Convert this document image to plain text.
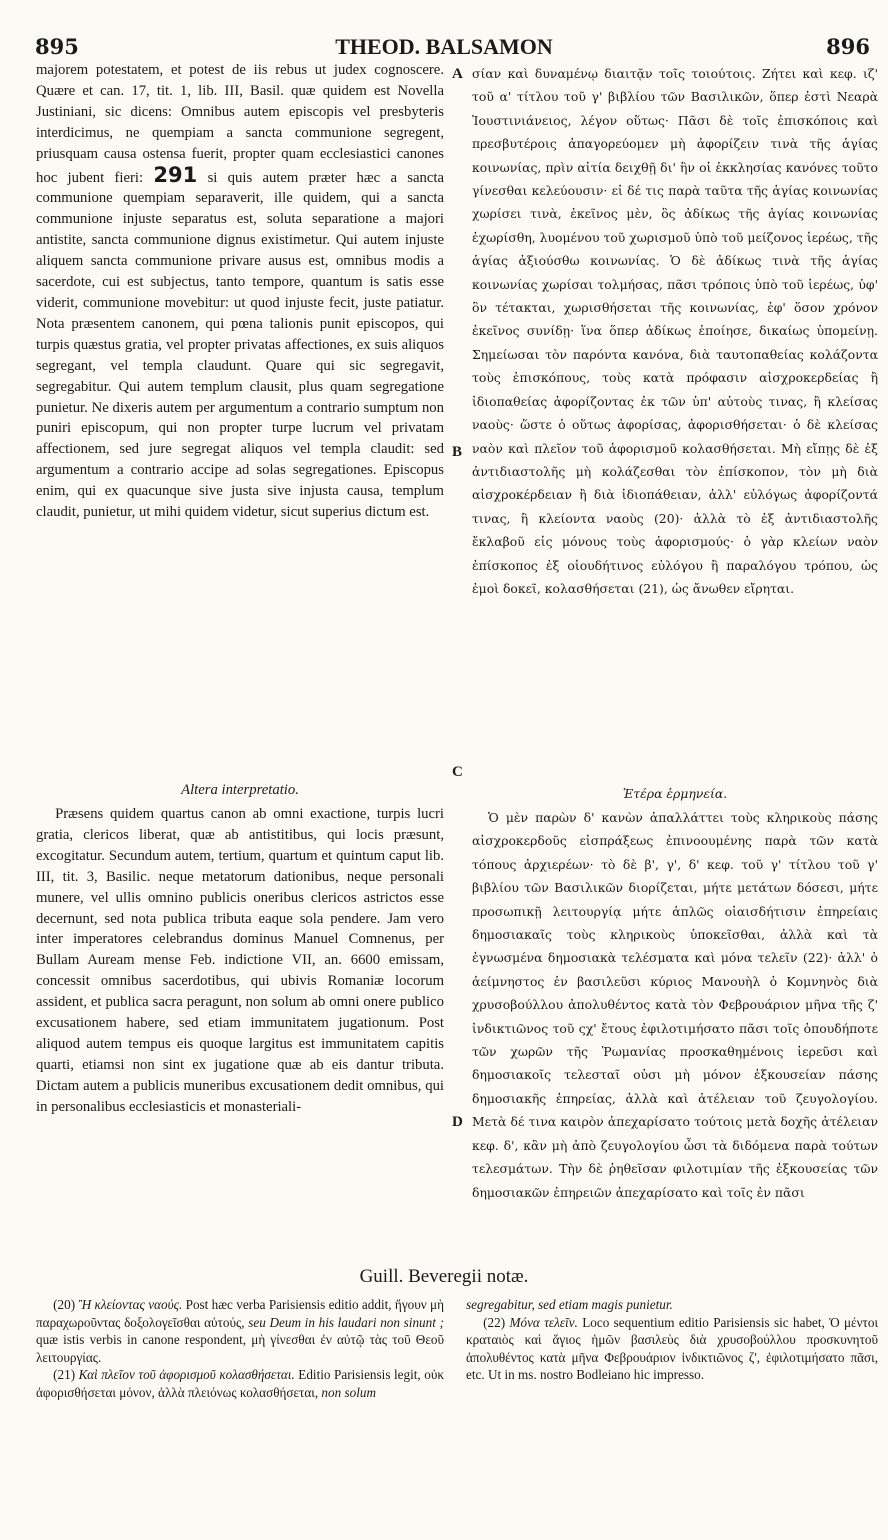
895	THEOD. BALSAMON	896

majorem potestatem, et potest de iis rebus ut judex cognoscere. Quære et can. 17, tit. 1, lib. III, Basil. quæ quidem est Novella Justiniani, sic dicens: Omnibus autem episcopis vel presbyteris interdicimus, ne quempiam a sancta communione segregent, priusquam causa ostensa fuerit, propter quam ecclesiastici canones hoc jubent fieri: 291 si quis autem præter hæc a sancta communione quempiam separaverit, ille quidem, qui a sancta communione injuste separatus est, soluta separatione a majori antistite, sancta communione dignus existimetur. Qui autem injuste aliquem sancta communione privare ausus est, omnibus modis a sacerdote, cui est subjectus, tanto tempore, quantum is satis esse viderit, communione movebitur: ut quod injuste fecit, juste patiatur. Nota præsentem canonem, qui pœna talionis punit episcopos, qui turpis quæstus gratia, vel propter privatas affectiones, ex suis aliquos segregant, vel templa claudunt. Quare qui sic segregavit, segregabitur. Qui autem templum clausit, plus quam segregatione punietur. Ne dixeris autem per argumentum a contrario sumptum non puniri episcopum, qui non propter turpe lucrum vel privatam affectionem, sed jure segregat aliquos vel templa claudit: sed argumentum a contrario accipe ad solas segregationes. Episcopus enim, qui ex quacunque sive justa sive injusta causa, templum claudit, punietur, ut mihi quidem videtur, sicut superius dictum est.

Altera interpretatio.

Præsens quidem quartus canon ab omni exactione, turpis lucri gratia, clericos liberat, quæ ab antistitibus, qui locis præsunt, excogitatur. Secundum autem, tertium, quartum et quintum caput lib. III, tit. 3, Basilic. neque metatorum dationibus, neque personali munere, vel ullis omnino publicis oneribus clericos astrictos esse decernunt, sed nota publica tributa eaque sola pendere. Jam vero inter imperatores celebrandus dominus Manuel Comnenus, per Bullam Auream mense Feb. indictione VII, an. 6600 emissam, concessit omnibus sacerdotibus, qui ubivis Romaniæ locorum assident, et publica sacra peragunt, non solum ab omni onere publico excusationem habere, sed etiam immunitatem jugationum. Post aliquod autem tempus eis quoque largitus est immunitatem capitis quarti, etiamsi non sint ex jugatione quæ ab eis dantur tributa. Dictam autem a publicis muneribus excusationem dedit omnibus, qui in personalibus ecclesiasticis et monasteriali-

A
B
C
D

σίαν καὶ δυναμένῳ διαιτᾷν τοῖς τοιούτοις. Ζήτει καὶ κεφ. ιζ' τοῦ α' τίτλου τοῦ γ' βιβλίου τῶν Βασιλικῶν, ὅπερ ἐστὶ Νεαρὰ Ἰουστινιάνειος, λέγον οὕτως· Πᾶσι δὲ τοῖς ἐπισκόποις καὶ πρεσβυτέροις ἀπαγορεύομεν μὴ ἀφορίζειν τινὰ τῆς ἁγίας κοινωνίας, πρὶν αἰτία δειχθῇ δι' ἣν οἱ ἐκκλησίας κανόνες τοῦτο γίνεσθαι κελεύουσιν· εἰ δέ τις παρὰ ταῦτα τῆς ἁγίας κοινωνίας χωρίσει τινὰ, ἐκεῖνος μὲν, ὃς ἀδίκως τῆς ἁγίας κοινωνίας ἐχωρίσθη, λυομένου τοῦ χωρισμοῦ ὑπὸ τοῦ μείζονος ἱερέως, τῆς ἁγίας ἀξιούσθω κοινωνίας. Ὁ δὲ ἀδίκως τινὰ τῆς ἁγίας κοινωνίας χωρίσαι τολμήσας, πᾶσι τρόποις ὑπὸ τοῦ ἱερέως, ὑφ' ὃν τέτακται, χωρισθήσεται τῆς κοινωνίας, ἐφ' ὅσον χρόνον ἐκεῖνος συνίδῃ· ἵνα ὅπερ ἀδίκως ἐποίησε, δικαίως ὑπομείνῃ. Σημείωσαι τὸν παρόντα κανόνα, διὰ ταυτοπαθείας κολάζοντα τοὺς ἐπισκόπους, τοὺς κατὰ πρόφασιν αἰσχροκερδείας ἢ ἰδιοπαθείας ἀφορίζοντας ἐκ τῶν ὑπ' αὐτοὺς τινας, ἢ κλείσας ναοὺς· ὥστε ὁ οὕτως ἀφορίσας, ἀφορισθήσεται· ὁ δὲ κλείσας ναὸν καὶ πλεῖον τοῦ ἀφορισμοῦ κολασθήσεται. Μὴ εἴπῃς δὲ ἐξ ἀντιδιαστολῆς μὴ κολάζεσθαι τὸν ἐπίσκοπον, τὸν μὴ διὰ αἰσχροκέρδειαν ἢ διὰ ἰδιοπάθειαν, ἀλλ' εὐλόγως ἀφορίζοντά τινας, ἢ κλείοντα ναοὺς (20)· ἀλλὰ τὸ ἐξ ἀντιδιαστολῆς ἔκλαβοῦ εἰς μόνους τοὺς ἀφορισμούς· ὁ γὰρ κλείων ναὸν ἐπίσκοπος ἐξ οἱουδήτινος εὐλόγου ἢ παραλόγου τρόπου, ὡς ἐμοὶ δοκεῖ, κολασθήσεται (21), ὡς ἄνωθεν εἴρηται.

Ἑτέρα ἑρμηνεία.

Ὁ μὲν παρὼν δ' κανὼν ἀπαλλάττει τοὺς κληρικοὺς πάσης αἰσχροκερδοῦς εἰσπράξεως ἐπινοουμένης παρὰ τῶν κατὰ τόπους ἀρχιερέων· τὸ δὲ β', γ', δ' κεφ. τοῦ γ' τίτλου τοῦ γ' βιβλίου τῶν Βασιλικῶν διορίζεται, μήτε μετάτων δόσεσι, μήτε προσωπικῇ λειτουργίᾳ μήτε ἁπλῶς οἱαισδήτισιν ἐπηρείαις δημοσιακαῖς τοὺς κληρικοὺς ὑποκεῖσθαι, ἀλλὰ καὶ τὰ ἐγνωσμένα δημοσιακὰ τελέσματα καὶ μόνα τελεῖν (22)· ἀλλ' ὁ ἀείμνηστος ἐν βασιλεῦσι κύριος Μανουὴλ ὁ Κομνηνὸς διὰ χρυσοβούλλου ἀπολυθέντος κατὰ τὸν Φεβρουάριον μῆνα τῆς ζ' ἰνδικτιῶνος τοῦ ςχ' ἔτους ἐφιλοτιμήσατο πᾶσι τοῖς ὁπουδήποτε τῶν χωρῶν τῆς Ῥωμανίας προσκαθημένοις ἱερεῦσι καὶ δημοσιακοῖς τελεσταῖ οὐσι μὴ μόνον ἐξκουσείαν πάσης δημοσιακῆς ἐπηρείας, ἀλλὰ καὶ ἀτέλειαν τοῦ ζευγολογίου. Μετὰ δέ τινα καιρὸν ἀπεχαρίσατο τούτοις μετὰ δοχῆς ἀτέλειαν κεφ. δ', κἂν μὴ ἀπὸ ζευγολογίου ὦσι τὰ διδόμενα παρὰ τούτων τελεσμάτων. Τὴν δὲ ῥηθεῖσαν φιλοτιμίαν τῆς ἐξκουσείας τῶν δημοσιακῶν ἐπηρειῶν ἀπεχαρίσατο καὶ τοῖς ἐν πᾶσι

Guill. Beveregii notæ.

(20) Ἢ κλείοντας ναούς. Post hæc verba Parisiensis editio addit, ἤγουν μὴ παραχωροῦντας δοξολογεῖσθαι αὐτούς, seu Deum in his laudari non sinunt ; quæ istis verbis in canone respondent, μὴ γίνεσθαι ἐν αὐτῷ τὰς τοῦ Θεοῦ λειτουργίας.

(21) Καὶ πλεῖον τοῦ ἀφορισμοῦ κολασθήσεται. Editio Parisiensis legit, οὐκ ἀφορισθήσεται μόνον, ἀλλὰ πλειόνως κολασθήσεται, non solum

segregabitur, sed etiam magis punietur.

(22) Μόνα τελεῖν. Loco sequentium editio Parisiensis sic habet, Ὁ μέντοι κραταιὸς καὶ ἅγιος ἡμῶν βασιλεὺς διὰ χρυσοβούλλου προσκυνητοῦ ἀπολυθέντος κατὰ μῆνα Φεβρουάριον ἰνδικτιῶνος ζ', ἐφιλοτιμήσατο πᾶσι, etc. Ut in ms. nostro Bodleiano hic impresso.
